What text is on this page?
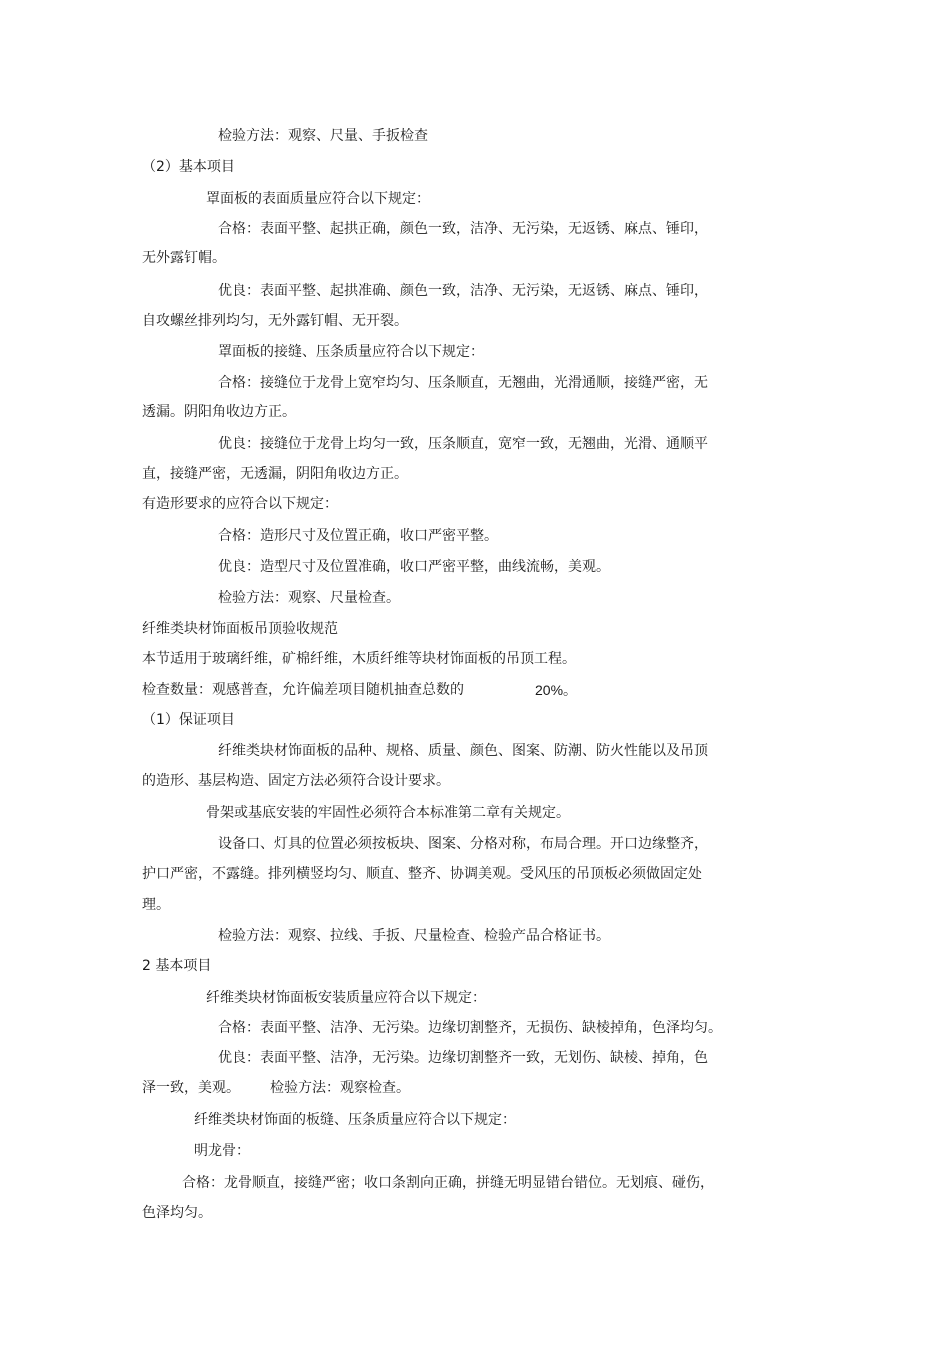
检验方法：观察、尺量、手扳检查
（2）基本项目
罩面板的表面质量应符合以下规定：
合格：表面平整、起拱正确，颜色一致，洁净、无污染，无返锈、麻点、锤印，
无外露钉帽。
优良：表面平整、起拱准确、颜色一致，洁净、无污染，无返锈、麻点、锤印，
自攻螺丝排列均匀，无外露钉帽、无开裂。
罩面板的接缝、压条质量应符合以下规定：
合格：接缝位于龙骨上宽窄均匀、压条顺直，无翘曲，光滑通顺，接缝严密，无
透漏。阴阳角收边方正。
优良：接缝位于龙骨上均匀一致，压条顺直，宽窄一致，无翘曲，光滑、通顺平
直，接缝严密，无透漏，阴阳角收边方正。
有造形要求的应符合以下规定：
合格：造形尺寸及位置正确，收口严密平整。
优良：造型尺寸及位置准确，收口严密平整，曲线流畅，美观。
检验方法：观察、尺量检查。
纤维类块材饰面板吊顶验收规范
本节适用于玻璃纤维，矿棉纤维，木质纤维等块材饰面板的吊顶工程。
检查数量：观感普查，允许偏差项目随机抽查总数的	20%。
（1）保证项目
纤维类块材饰面板的品种、规格、质量、颜色、图案、防潮、防火性能以及吊顶
的造形、基层构造、固定方法必须符合设计要求。
骨架或基底安装的牢固性必须符合本标准第二章有关规定。
设备口、灯具的位置必须按板块、图案、分格对称，布局合理。开口边缘整齐，
护口严密，不露缝。排列横竖均匀、顺直、整齐、协调美观。受风压的吊顶板必须做固定处
理。
检验方法：观察、拉线、手扳、尺量检查、检验产品合格证书。
2 基本项目
纤维类块材饰面板安装质量应符合以下规定：
合格：表面平整、洁净、无污染。边缘切割整齐，无损伤、缺棱掉角，色泽均匀。
优良：表面平整、洁净，无污染。边缘切割整齐一致，无划伤、缺棱、掉角，色
泽一致，美观。 检验方法：观察检查。
纤维类块材饰面的板缝、压条质量应符合以下规定：
明龙骨：
合格：龙骨顺直，接缝严密；收口条割向正确，拼缝无明显错台错位。无划痕、碰伤，
色泽均匀。
